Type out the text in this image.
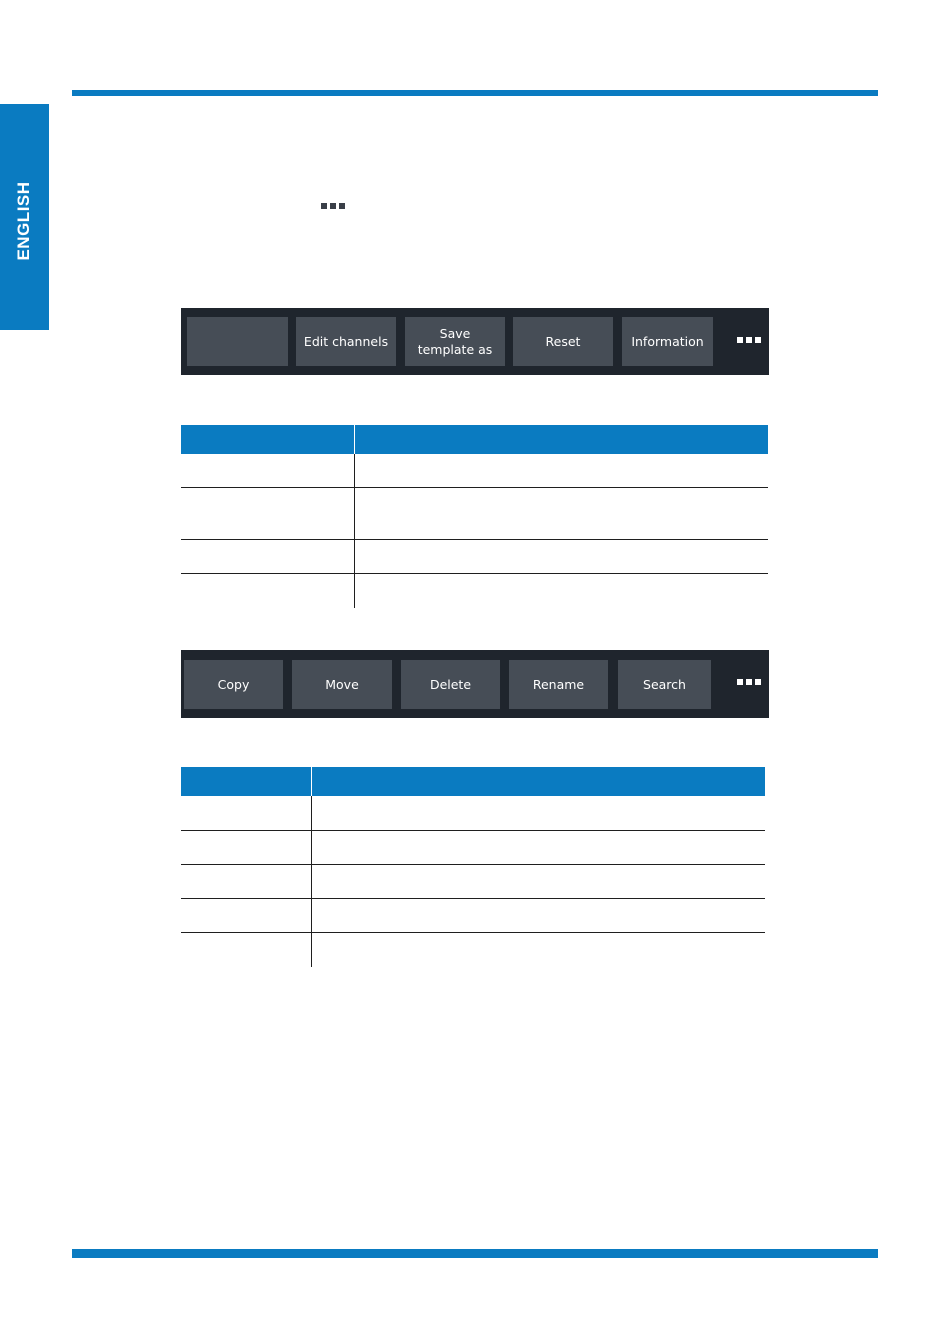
ENGLISH
Edit channels
Save
template as
Reset	Information
Copy	Move	Delete	Rename	Search
